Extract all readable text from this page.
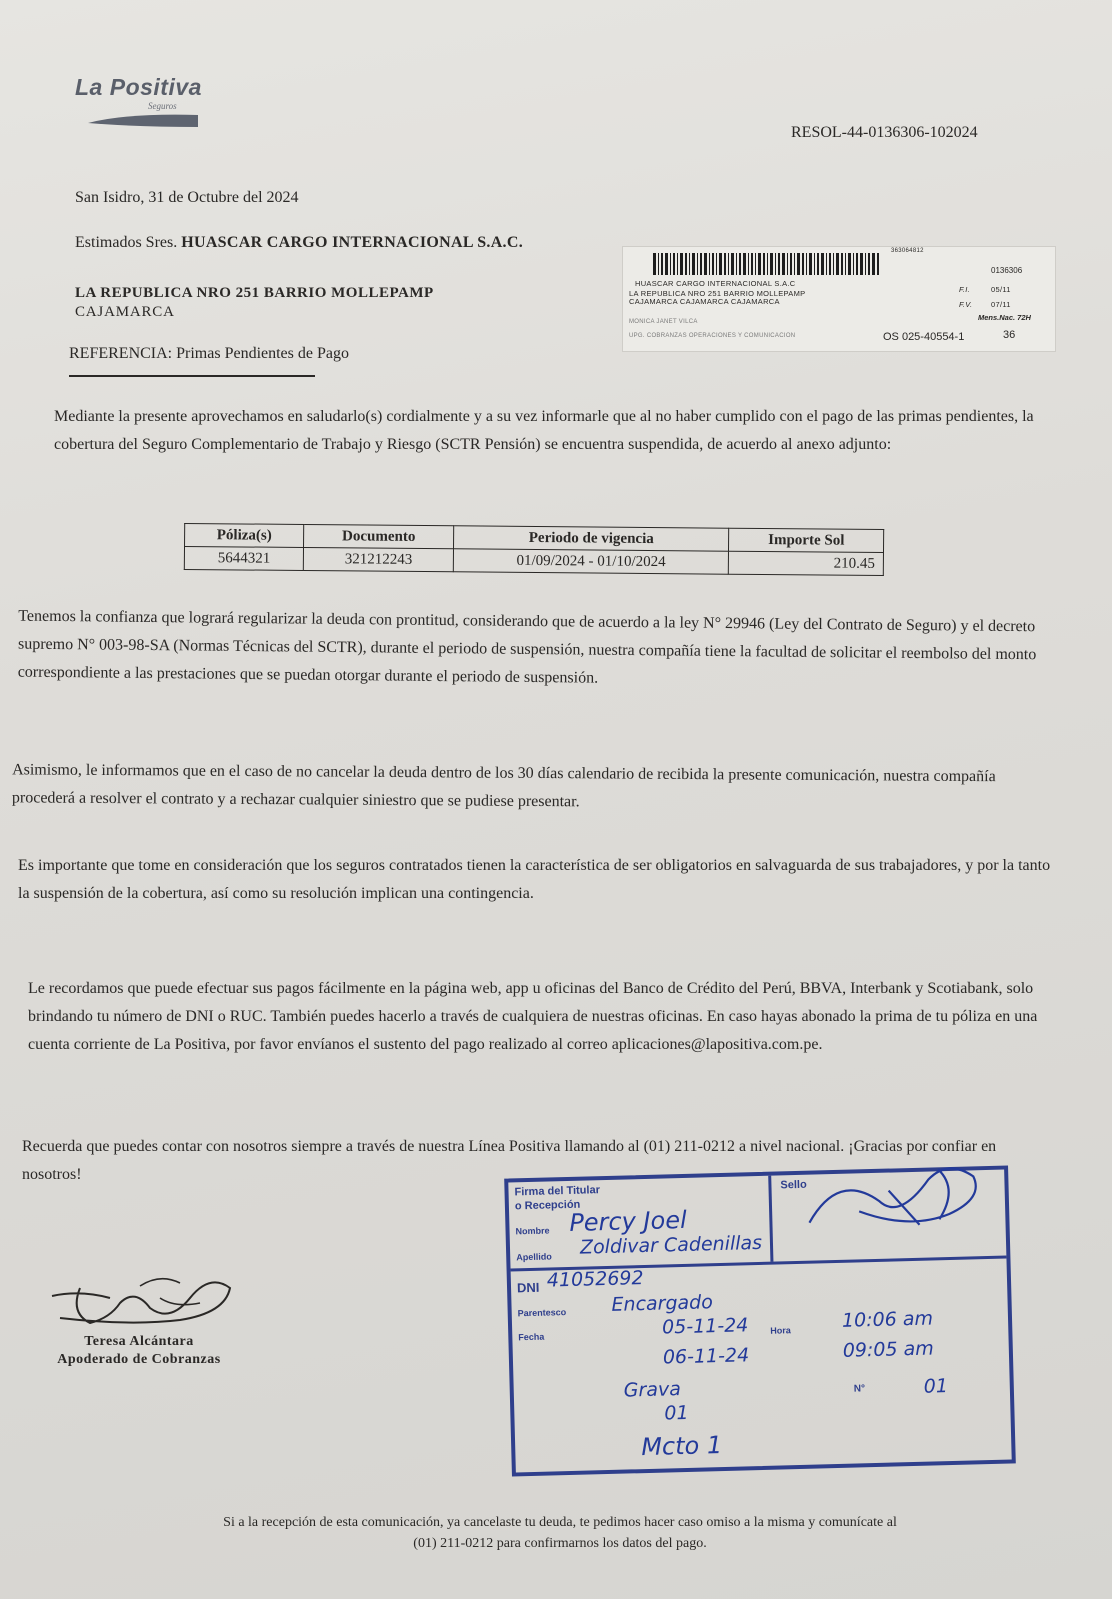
La Positiva
Seguros
RESOL-44-0136306-102024
San Isidro, 31 de Octubre del 2024
Estimados Sres. HUASCAR CARGO INTERNACIONAL S.A.C.
LA REPUBLICA NRO 251 BARRIO MOLLEPAMP
CAJAMARCA
REFERENCIA: Primas Pendientes de Pago
363064812
0136306
HUASCAR CARGO INTERNACIONAL S.A.C
LA REPUBLICA NRO 251 BARRIO MOLLEPAMP
CAJAMARCA CAJAMARCA CAJAMARCA
F.I.	05/11
F.V. 07/11
Mens.Nac. 72H
MONICA JANET VILCA
UPG. COBRANZAS OPERACIONES Y COMUNICACION	OS 025-40554-1	36
Mediante la presente aprovechamos en saludarlo(s) cordialmente y a su vez informarle que al no haber cumplido con el pago de las primas pendientes, la cobertura del Seguro Complementario de Trabajo y Riesgo (SCTR Pensión) se encuentra suspendida, de acuerdo al anexo adjunto:
Póliza(s)	Documento	Periodo de vigencia	Importe Sol
5644321	321212243	01/09/2024 - 01/10/2024	210.45
Tenemos la confianza que logrará regularizar la deuda con prontitud, considerando que de acuerdo a la ley N° 29946 (Ley del Contrato de Seguro) y el decreto supremo N° 003-98-SA (Normas Técnicas del SCTR), durante el periodo de suspensión, nuestra compañía tiene la facultad de solicitar el reembolso del monto correspondiente a las prestaciones que se puedan otorgar durante el periodo de suspensión.
Asimismo, le informamos que en el caso de no cancelar la deuda dentro de los 30 días calendario de recibida la presente comunicación, nuestra compañía procederá a resolver el contrato y a rechazar cualquier siniestro que se pudiese presentar.
Es importante que tome en consideración que los seguros contratados tienen la característica de ser obligatorios en salvaguarda de sus trabajadores, y por la tanto la suspensión de la cobertura, así como su resolución implican una contingencia.
Le recordamos que puede efectuar sus pagos fácilmente en la página web, app u oficinas del Banco de Crédito del Perú, BBVA, Interbank y Scotiabank, solo brindando tu número de DNI o RUC. También puedes hacerlo a través de cualquiera de nuestras oficinas. En caso hayas abonado la prima de tu póliza en una cuenta corriente de La Positiva, por favor envíanos el sustento del pago realizado al correo aplicaciones@lapositiva.com.pe.
Recuerda que puedes contar con nosotros siempre a través de nuestra Línea Positiva llamando al (01) 211-0212 a nivel nacional. ¡Gracias por confiar en nosotros!
Teresa Alcántara
Apoderado de Cobranzas
Firma del Titular
o Recepción
Sello
Nombre Percy Joel
Apellido Zoldivar Cadenillas
DNI 41052692
Parentesco Encargado
Fecha	05-11-24 Hora	10:06 am
06-11-24	09:05 am
N°	01
Grava
01
Mcto 1
Si a la recepción de esta comunicación, ya cancelaste tu deuda, te pedimos hacer caso omiso a la misma y comunícate al
(01) 211-0212 para confirmarnos los datos del pago.
